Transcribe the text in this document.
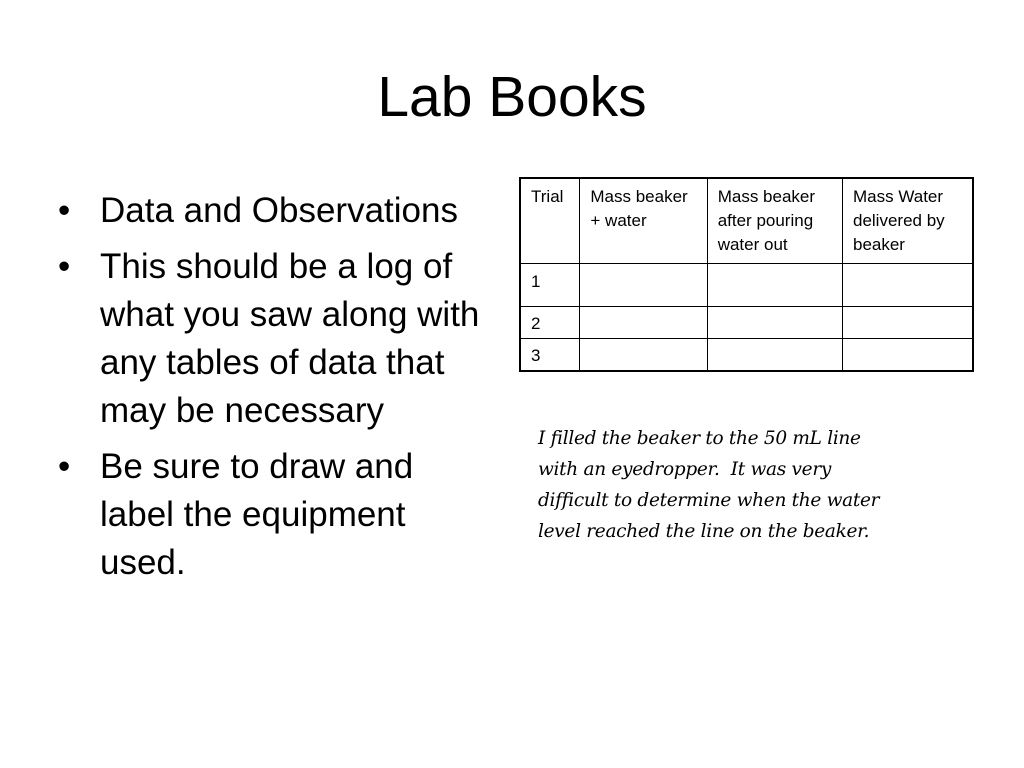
Lab Books
• Data and Observations
• This should be a log of what you saw along with any tables of data that may be necessary
• Be sure to draw and label the equipment used.
Trial	Mass beaker + water	Mass beaker after pouring water out	Mass Water delivered by beaker
1			
2			
3			
I filled the beaker to the 50 mL line
with an eyedropper.  It was very
difficult to determine when the water
level reached the line on the beaker.
